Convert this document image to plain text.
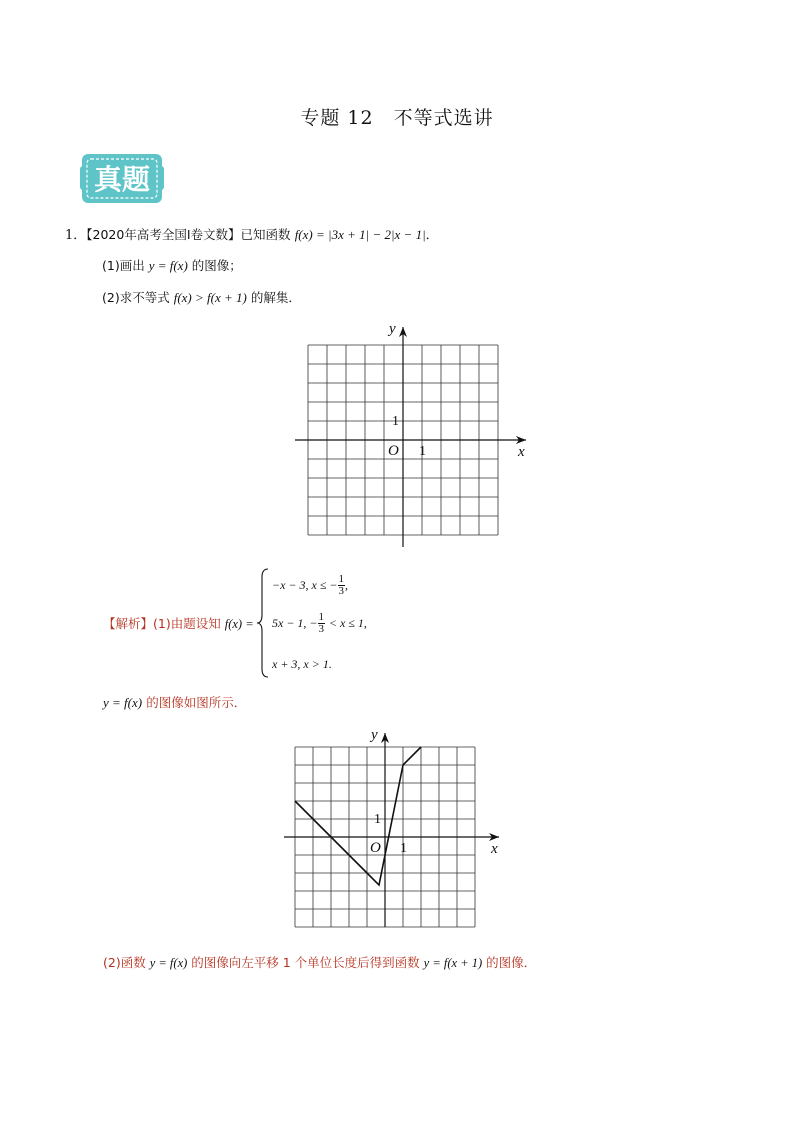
专题 12　不等式选讲
真题
1．【2020年高考全国Ⅰ卷文数】已知函数 f(x) = |3x + 1| − 2|x − 1|．
(1)画出 y = f(x) 的图像；
(2)求不等式 f(x) > f(x + 1) 的解集．
x
y
O 1
1
【解析】(1)由题设知 f(x) =
−x − 3, x ≤ − $\frac{1}{3}$ ,
5x − 1, − $\frac{1}{3} < x \le 1$,
x + 3, x > 1.
y = f(x) 的图像如图所示．
x
y
O 1
1
(2)函数 y = f(x) 的图像向左平移 1 个单位长度后得到函数 y = f(x + 1) 的图像．
